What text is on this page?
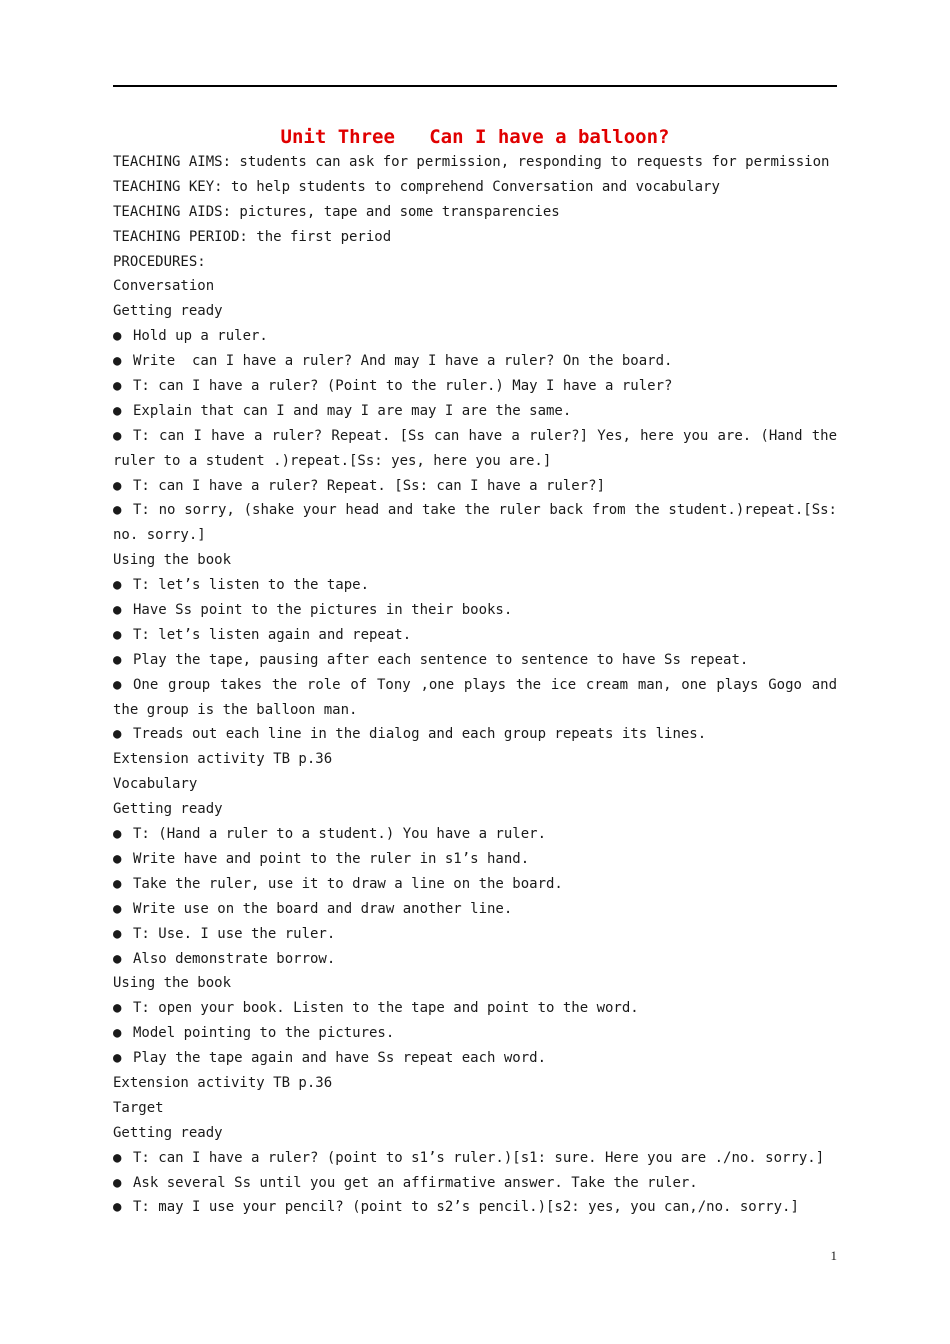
Unit Three   Can I have a balloon?
TEACHING AIMS: students can ask for permission, responding to requests for permission
TEACHING KEY: to help students to comprehend Conversation and vocabulary
TEACHING AIDS: pictures, tape and some transparencies
TEACHING PERIOD: the first period
PROCEDURES:
Conversation
Getting ready
● Hold up a ruler.
● Write  can I have a ruler? And may I have a ruler? On the board.
● T: can I have a ruler? (Point to the ruler.) May I have a ruler?
● Explain that can I and may I are may I are the same.
● T: can I have a ruler? Repeat. [Ss can have a ruler?] Yes, here you are. (Hand the
ruler to a student .)repeat.[Ss: yes, here you are.]
● T: can I have a ruler? Repeat. [Ss: can I have a ruler?]
● T: no sorry, (shake your head and take the ruler back from the student.)repeat.[Ss:
no. sorry.]
Using the book
● T: let’s listen to the tape.
● Have Ss point to the pictures in their books.
● T: let’s listen again and repeat.
● Play the tape, pausing after each sentence to sentence to have Ss repeat.
● One group takes the role of Tony ,one plays the ice cream man, one plays Gogo and
the group is the balloon man.
● Treads out each line in the dialog and each group repeats its lines.
Extension activity TB p.36
Vocabulary
Getting ready
● T: (Hand a ruler to a student.) You have a ruler.
● Write have and point to the ruler in s1’s hand.
● Take the ruler, use it to draw a line on the board.
● Write use on the board and draw another line.
● T: Use. I use the ruler.
● Also demonstrate borrow.
Using the book
● T: open your book. Listen to the tape and point to the word.
● Model pointing to the pictures.
● Play the tape again and have Ss repeat each word.
Extension activity TB p.36
Target
Getting ready
● T: can I have a ruler? (point to s1’s ruler.)[s1: sure. Here you are ./no. sorry.]
● Ask several Ss until you get an affirmative answer. Take the ruler.
● T: may I use your pencil? (point to s2’s pencil.)[s2: yes, you can,/no. sorry.]
1
